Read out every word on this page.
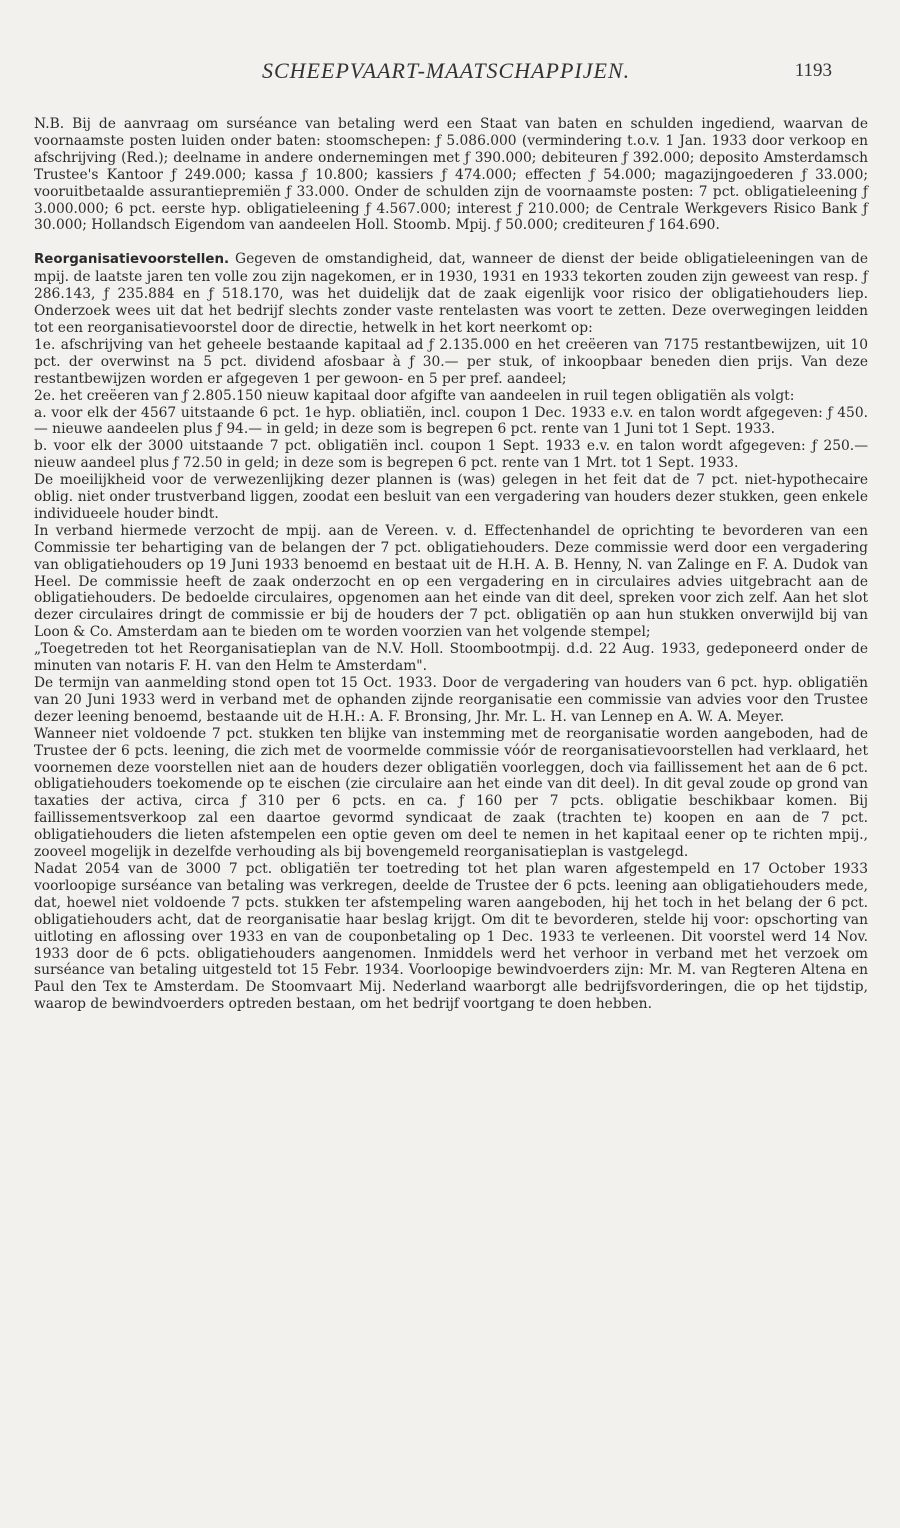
SCHEEPVAART-MAATSCHAPPIJEN.	1193

N.B. Bij de aanvraag om surséance van betaling werd een Staat van baten en schulden ingediend, waarvan de voornaamste posten luiden onder baten: stoomschepen: ƒ 5.086.000 (vermindering t.o.v. 1 Jan. 1933 door verkoop en afschrijving (Red.); deelname in andere ondernemingen met ƒ 390.000; debiteuren ƒ 392.000; deposito Amsterdamsch Trustee's Kantoor ƒ 249.000; kassa ƒ 10.800; kassiers ƒ 474.000; effecten ƒ 54.000; magazijngoederen ƒ 33.000; vooruitbetaalde assurantiepremiën ƒ 33.000. Onder de schulden zijn de voornaamste posten: 7 pct. obligatieleening ƒ 3.000.000; 6 pct. eerste hyp. obligatieleening ƒ 4.567.000; interest ƒ 210.000; de Centrale Werkgevers Risico Bank ƒ 30.000; Hollandsch Eigendom van aandeelen Holl. Stoomb. Mpij. ƒ 50.000; crediteuren ƒ 164.690.

Reorganisatievoorstellen. Gegeven de omstandigheid, dat, wanneer de dienst der beide obligatieleeningen van de mpij. de laatste jaren ten volle zou zijn nagekomen, er in 1930, 1931 en 1933 tekorten zouden zijn geweest van resp. ƒ 286.143, ƒ 235.884 en ƒ 518.170, was het duidelijk dat de zaak eigenlijk voor risico der obligatiehouders liep. Onderzoek wees uit dat het bedrijf slechts zonder vaste rentelasten was voort te zetten. Deze overwegingen leidden tot een reorganisatievoorstel door de directie, hetwelk in het kort neerkomt op:

1e. afschrijving van het geheele bestaande kapitaal ad ƒ 2.135.000 en het creëeren van 7175 restantbewijzen, uit 10 pct. der overwinst na 5 pct. dividend afosbaar à ƒ 30.— per stuk, of inkoopbaar beneden dien prijs. Van deze restantbewijzen worden er afgegeven 1 per gewoon- en 5 per pref. aandeel;

2e. het creëeren van ƒ 2.805.150 nieuw kapitaal door afgifte van aandeelen in ruil tegen obligatiën als volgt:

a. voor elk der 4567 uitstaande 6 pct. 1e hyp. obliatiën, incl. coupon 1 Dec. 1933 e.v. en talon wordt afgegeven: ƒ 450.— nieuwe aandeelen plus ƒ 94.— in geld; in deze som is begrepen 6 pct. rente van 1 Juni tot 1 Sept. 1933.

b. voor elk der 3000 uitstaande 7 pct. obligatiën incl. coupon 1 Sept. 1933 e.v. en talon wordt afgegeven: ƒ 250.— nieuw aandeel plus ƒ 72.50 in geld; in deze som is begrepen 6 pct. rente van 1 Mrt. tot 1 Sept. 1933.

De moeilijkheid voor de verwezenlijking dezer plannen is (was) gelegen in het feit dat de 7 pct. niet-hypothecaire oblig. niet onder trustverband liggen, zoodat een besluit van een vergadering van houders dezer stukken, geen enkele individueele houder bindt.

In verband hiermede verzocht de mpij. aan de Vereen. v. d. Effectenhandel de oprichting te bevorderen van een Commissie ter behartiging van de belangen der 7 pct. obligatiehouders. Deze commissie werd door een vergadering van obligatiehouders op 19 Juni 1933 benoemd en bestaat uit de H.H. A. B. Henny, N. van Zalinge en F. A. Dudok van Heel. De commissie heeft de zaak onderzocht en op een vergadering en in circulaires advies uitgebracht aan de obligatiehouders. De bedoelde circulaires, opgenomen aan het einde van dit deel, spreken voor zich zelf. Aan het slot dezer circulaires dringt de commissie er bij de houders der 7 pct. obligatiën op aan hun stukken onverwijld bij van Loon & Co. Amsterdam aan te bieden om te worden voorzien van het volgende stempel;

„Toegetreden tot het Reorganisatieplan van de N.V. Holl. Stoombootmpij. d.d. 22 Aug. 1933, gedeponeerd onder de minuten van notaris F. H. van den Helm te Amsterdam".

De termijn van aanmelding stond open tot 15 Oct. 1933. Door de vergadering van houders van 6 pct. hyp. obligatiën van 20 Juni 1933 werd in verband met de ophanden zijnde reorganisatie een commissie van advies voor den Trustee dezer leening benoemd, bestaande uit de H.H.: A. F. Bronsing, Jhr. Mr. L. H. van Lennep en A. W. A. Meyer.

Wanneer niet voldoende 7 pct. stukken ten blijke van instemming met de reorganisatie worden aangeboden, had de Trustee der 6 pcts. leening, die zich met de voormelde commissie vóór de reorganisatievoorstellen had verklaard, het voornemen deze voorstellen niet aan de houders dezer obligatiën voorleggen, doch via faillissement het aan de 6 pct. obligatiehouders toekomende op te eischen (zie circulaire aan het einde van dit deel). In dit geval zoude op grond van taxaties der activa, circa ƒ 310 per 6 pcts. en ca. ƒ 160 per 7 pcts. obligatie beschikbaar komen. Bij faillissementsverkoop zal een daartoe gevormd syndicaat de zaak (trachten te) koopen en aan de 7 pct. obligatiehouders die lieten afstempelen een optie geven om deel te nemen in het kapitaal eener op te richten mpij., zooveel mogelijk in dezelfde verhouding als bij bovengemeld reorganisatieplan is vastgelegd.

Nadat 2054 van de 3000 7 pct. obligatiën ter toetreding tot het plan waren afgestempeld en 17 October 1933 voorloopige surséance van betaling was verkregen, deelde de Trustee der 6 pcts. leening aan obligatiehouders mede, dat, hoewel niet voldoende 7 pcts. stukken ter afstempeling waren aangeboden, hij het toch in het belang der 6 pct. obligatiehouders acht, dat de reorganisatie haar beslag krijgt. Om dit te bevorderen, stelde hij voor: opschorting van uitloting en aflossing over 1933 en van de couponbetaling op 1 Dec. 1933 te verleenen. Dit voorstel werd 14 Nov. 1933 door de 6 pcts. obligatiehouders aangenomen. Inmiddels werd het verhoor in verband met het verzoek om surséance van betaling uitgesteld tot 15 Febr. 1934. Voorloopige bewindvoerders zijn: Mr. M. van Regteren Altena en Paul den Tex te Amsterdam. De Stoomvaart Mij. Nederland waarborgt alle bedrijfsvorderingen, die op het tijdstip, waarop de bewindvoerders optreden bestaan, om het bedrijf voortgang te doen hebben.
